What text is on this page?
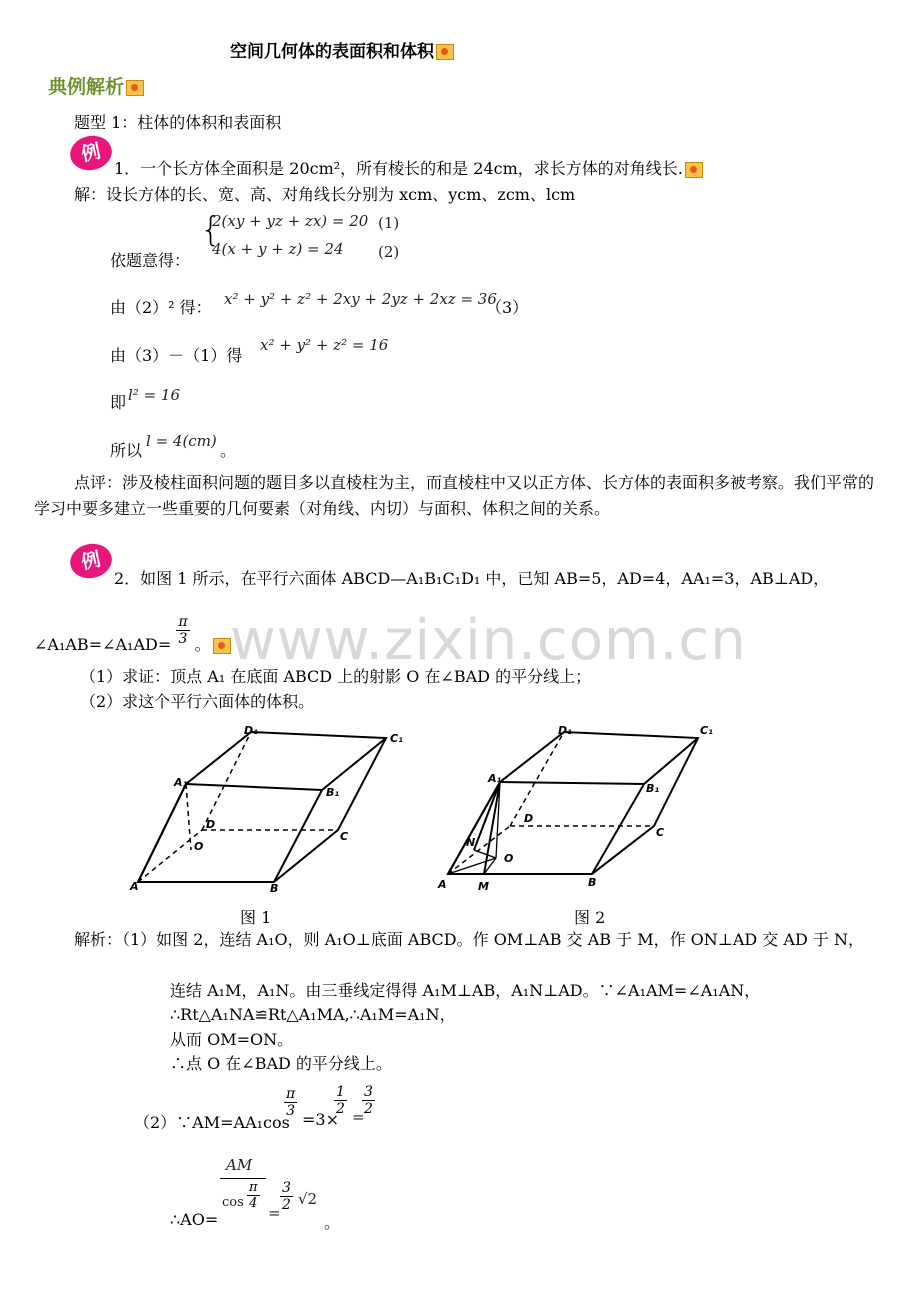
空间几何体的表面积和体积
典例解析
题型 1：柱体的体积和表面积
例
1．一个长方体全面积是 20cm²，所有棱长的和是 24cm，求长方体的对角线长.
解：设长方体的长、宽、高、对角线长分别为 xcm、ycm、zcm、lcm
依题意得：
{
2(xy + yz + zx) = 20 (1)
4(x + y + z) = 24 (2)
由（2）² 得： x² + y² + z² + 2xy + 2yz + 2xz = 36
（3）
由（3）－（1）得
x² + y² + z² = 16
即 l² = 16
所以 l = 4(cm) 。
点评：涉及棱柱面积问题的题目多以直棱柱为主，而直棱柱中又以正方体、长方体的表面积多被考察。我们平常的学习中要多建立一些重要的几何要素（对角线、内切）与面积、体积之间的关系。
例
2．如图 1 所示，在平行六面体 ABCD—A₁B₁C₁D₁ 中，已知 AB=5，AD=4，AA₁=3，AB⊥AD，
∠A₁AB=∠A₁AD= $\frac{\pi}{3}$ 。 www.zixin.com.cn
（1）求证：顶点 A₁ 在底面 ABCD 上的射影 O 在∠BAD 的平分线上；
（2）求这个平行六面体的体积。
A	B
C
D
A₁
B₁
C₁
D₁
O
A	M	B
C
D
A₁
B₁
C₁
D₁
O
N
图 1	图 2
解析：（1）如图 2，连结 A₁O，则 A₁O⊥底面 ABCD。作 OM⊥AB 交 AB 于 M，作 ON⊥AD 交 AD 于 N，
连结 A₁M，A₁N。由三垂线定得得 A₁M⊥AB，A₁N⊥AD。∵∠A₁AM=∠A₁AN，
∴Rt△A₁NA≌Rt△A₁MA,∴A₁M=A₁N，
从而 OM=ON。
∴点 O 在∠BAD 的平分线上。
（2）∵AM=AA₁cos
$\frac{\pi}{3}$
=3×
$\frac{1}{2}$ =
$\frac{3}{2}$
∴AO=
AM
$\cos \frac{\pi}{4}$
= $\frac{3}{2} √2$
。
